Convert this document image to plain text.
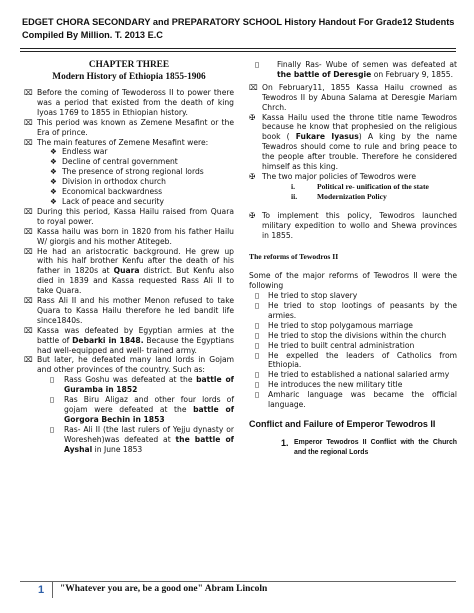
EDGET CHORA SECONDARY and PREPARATORY SCHOOL History Handout For Grade12 Students
Compiled By Million. T. 2013 E.C

CHAPTER THREE

Modern History of Ethiopia 1855-1906

⌧ Before the coming of Tewodeross II to power there was a period that existed from the death of king Iyoas 1769 to 1855 in Ethiopian history.
⌧ This period was known as Zemene Mesafint or the Era of prince.
⌧ The main features of Zemene Mesafint were:
❖ Endless war
❖ Decline of central government
❖ The presence of strong regional lords
❖ Division in orthodox church
❖ Economical backwardness
❖ Lack of peace and security
⌧ During this period, Kassa Hailu raised from Quara to royal power.
⌧ Kassa hailu was born in 1820 from his father Hailu W/ giorgis and his mother Atitegeb.
⌧ He had an aristocratic background. He grew up with his half brother Kenfu after the death of his father in 1820s at Quara district. But Kenfu also died in 1839 and Kassa requested Rass Ali II to take Quara.
⌧ Rass Ali II and his mother Menon refused to take Quara to Kassa Hailu therefore he led bandit life since1840s.
⌧ Kassa was defeated by Egyptian armies at the battle of Debarki in 1848. Because the Egyptians had well-equipped and well- trained army.
⌧ But later, he defeated many land lords in Gojam and other provinces of the country. Such as:
▯	Rass Goshu was defeated at the battle of Guramba in 1852
▯	Ras Biru Aligaz and other four lords of gojam were defeated at the battle of Gorgora Bechin in 1853
▯	Ras- Ali II (the last rulers of Yejju dynasty or Woresheh)was defeated at the battle of Ayshal in June 1853
▯	Finally Ras- Wube of semen was defeated at the battle of Deresgie on February 9, 1855.
⌧ On February11, 1855 Kassa Hailu crowned as Tewodros II by Abuna Salama at Deresgie Mariam Chrch.
✠ Kassa Hailu used the throne title name Tewodros because he know that prophesied on the religious book ( Fukare Iyasus) A king by the name Tewadros should come to rule and bring peace to the people after trouble. Therefore he considered himself as this king.
✠ The two major policies of Tewodros were
i.	Political re- unification of the state
ii.	Modernization Policy
✠ To implement this policy, Tewodros launched military expedition to wollo and Shewa provinces in 1855.
The reforms of Tewodros II
Some of the major reforms of Tewodros II were the following
▯	He tried to stop slavery
▯	He tried to stop lootings of peasants by the armies.
▯	He tried to stop polygamous marriage
▯	He tried to stop the divisions within the church
▯	He tried to built central administration
▯	He expelled the leaders of Catholics from Ethiopia.
▯	He tried to established a national salaried army
▯	He introduces the new military title
▯	Amharic language was became the official language.
Conflict and Failure of Emperor Tewodros II
1. Emperor Tewodros II Conflict with the Church and the regional Lords
1 "Whatever you are, be a good one" Abram Lincoln
